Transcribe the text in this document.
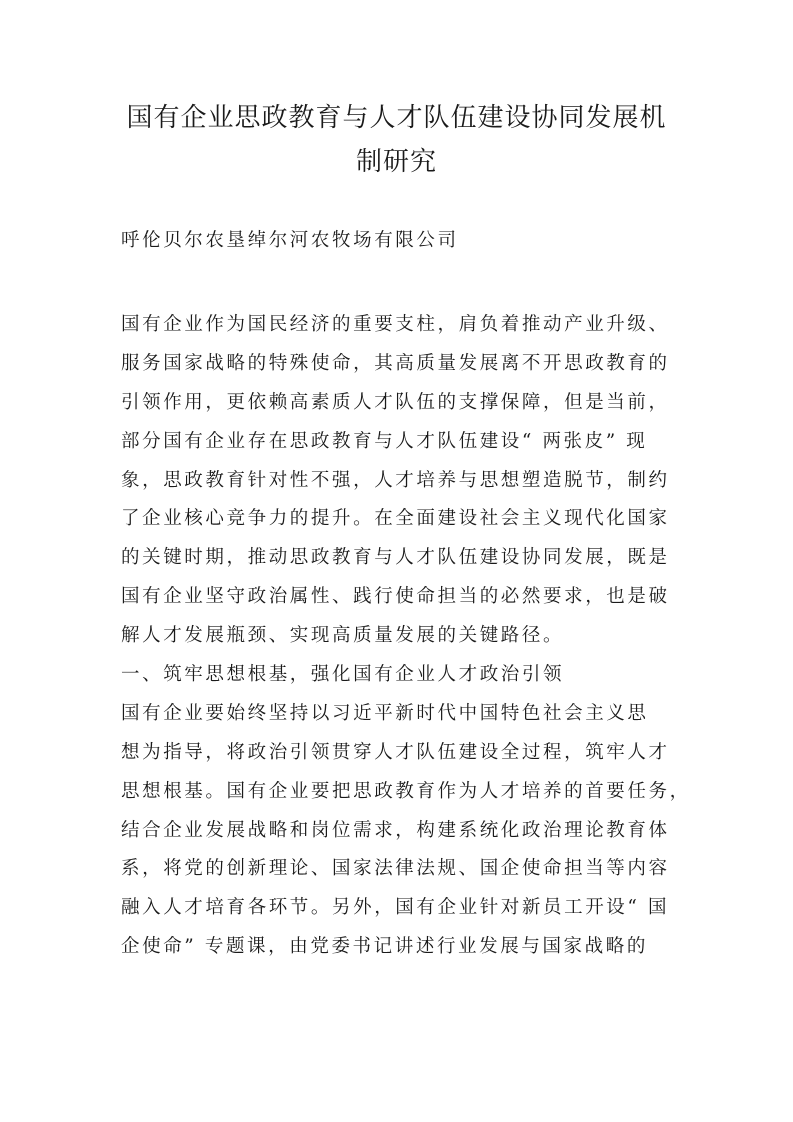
国有企业思政教育与人才队伍建设协同发展机
制研究
呼伦贝尔农垦绰尔河农牧场有限公司
国有企业作为国民经济的重要支柱，肩负着推动产业升级、
服务国家战略的特殊使命，其高质量发展离不开思政教育的
引领作用，更依赖高素质人才队伍的支撑保障，但是当前，
部分国有企业存在思政教育与人才队伍建设“ 两张皮” 现
象，思政教育针对性不强，人才培养与思想塑造脱节，制约
了企业核心竞争力的提升。在全面建设社会主义现代化国家
的关键时期，推动思政教育与人才队伍建设协同发展，既是
国有企业坚守政治属性、践行使命担当的必然要求，也是破
解人才发展瓶颈、实现高质量发展的关键路径。
一、筑牢思想根基，强化国有企业人才政治引领
国有企业要始终坚持以习近平新时代中国特色社会主义思
想为指导，将政治引领贯穿人才队伍建设全过程，筑牢人才
思想根基。国有企业要把思政教育作为人才培养的首要任务，
结合企业发展战略和岗位需求，构建系统化政治理论教育体
系，将党的创新理论、国家法律法规、国企使命担当等内容
融入人才培育各环节。另外，国有企业针对新员工开设“ 国
企使命” 专题课，由党委书记讲述行业发展与国家战略的
